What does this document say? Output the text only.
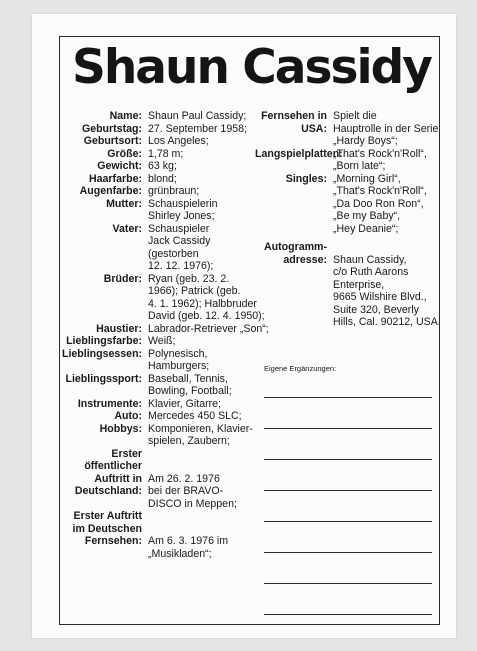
Shaun Cassidy
Name: Shaun Paul Cassidy;
Geburtstag: 27. September 1958;
Geburtsort: Los Angeles;
Größe: 1,78 m;
Gewicht: 63 kg;
Haarfarbe: blond;
Augenfarbe: grünbraun;
Mutter: Schauspielerin
Shirley Jones;
Vater: Schauspieler
Jack Cassidy
(gestorben
12. 12. 1976);
Brüder: Ryan (geb. 23. 2.
1966); Patrick (geb.
4. 1. 1962); Halbbruder
David (geb. 12. 4. 1950);
Haustier: Labrador-Retriever „Son“;
Lieblingsfarbe: Weiß;
Lieblingsessen: Polynesisch,
Hamburgers;
Lieblingssport: Baseball, Tennis,
Bowling, Football;
Instrumente: Klavier, Gitarre;
Auto: Mercedes 450 SLC;
Hobbys: Komponieren, Klavier-
spielen, Zaubern;
Erster öffentlicher
Auftritt in
Deutschland:

Am 26. 2. 1976
bei der BRAVO-
DISCO in Meppen;
Erster Auftritt
im Deutschen
Fernsehen:

Am 6. 3. 1976 im
„Musikladen“;
Fernsehen in USA:
Spielt die
Hauptrolle in der Serie
„Hardy Boys“;
Langspielplatten:
„That's Rock'n'Roll“,
„Born late“;
Singles: „Morning Girl“,
„That's Rock'n'Roll“,
„Da Doo Ron Ron“,
„Be my Baby“,
„Hey Deanie“;
Autogramm-
adresse:
Shaun Cassidy,
c/o Ruth Aarons
Enterprise,
9665 Wilshire Blvd.,
Suite 320, Beverly
Hills, Cal. 90212, USA.
Eigene Ergänzungen:
